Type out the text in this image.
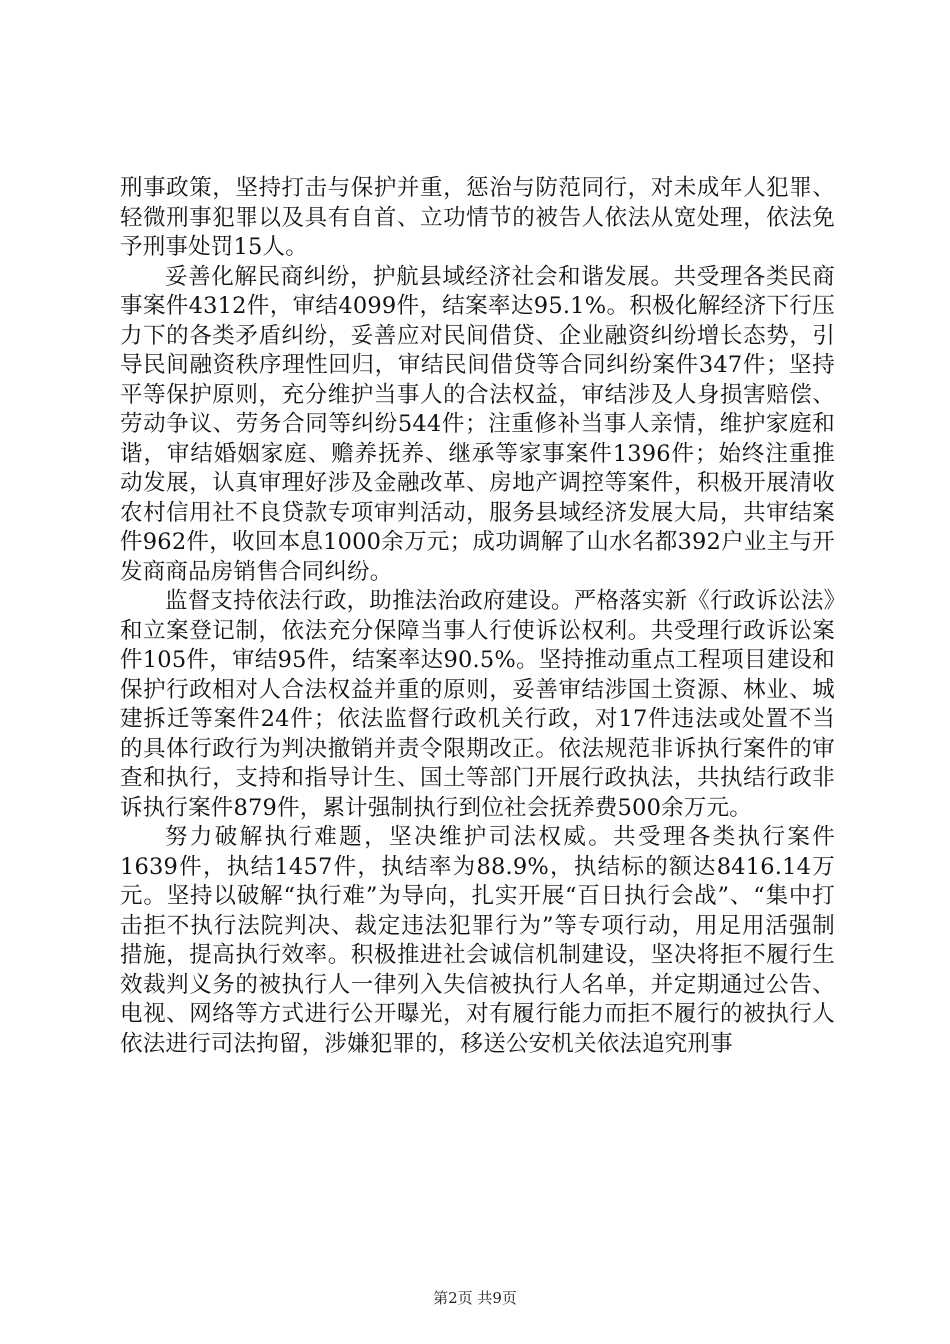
刑事政策，坚持打击与保护并重，惩治与防范同行，对未成年人犯罪、轻微刑事犯罪以及具有自首、立功情节的被告人依法从宽处理，依法免予刑事处罚15人。

妥善化解民商纠纷，护航县域经济社会和谐发展。共受理各类民商事案件4312件，审结4099件，结案率达95.1%。积极化解经济下行压力下的各类矛盾纠纷，妥善应对民间借贷、企业融资纠纷增长态势，引导民间融资秩序理性回归，审结民间借贷等合同纠纷案件347件；坚持平等保护原则，充分维护当事人的合法权益，审结涉及人身损害赔偿、劳动争议、劳务合同等纠纷544件；注重修补当事人亲情，维护家庭和谐，审结婚姻家庭、赡养抚养、继承等家事案件1396件；始终注重推动发展，认真审理好涉及金融改革、房地产调控等案件，积极开展清收农村信用社不良贷款专项审判活动，服务县域经济发展大局，共审结案件962件，收回本息1000余万元；成功调解了山水名都392户业主与开发商商品房销售合同纠纷。

监督支持依法行政，助推法治政府建设。严格落实新《行政诉讼法》和立案登记制，依法充分保障当事人行使诉讼权利。共受理行政诉讼案件105件，审结95件，结案率达90.5%。坚持推动重点工程项目建设和保护行政相对人合法权益并重的原则，妥善审结涉国土资源、林业、城建拆迁等案件24件；依法监督行政机关行政，对17件违法或处置不当的具体行政行为判决撤销并责令限期改正。依法规范非诉执行案件的审查和执行，支持和指导计生、国土等部门开展行政执法，共执结行政非诉执行案件879件，累计强制执行到位社会抚养费500余万元。

努力破解执行难题，坚决维护司法权威。共受理各类执行案件1639件，执结1457件，执结率为88.9%，执结标的额达8416.14万元。坚持以破解“执行难”为导向，扎实开展“百日执行会战”、“集中打击拒不执行法院判决、裁定违法犯罪行为”等专项行动，用足用活强制措施，提高执行效率。积极推进社会诚信机制建设，坚决将拒不履行生效裁判义务的被执行人一律列入失信被执行人名单，并定期通过公告、电视、网络等方式进行公开曝光，对有履行能力而拒不履行的被执行人依法进行司法拘留，涉嫌犯罪的，移送公安机关依法追究刑事

第2页 共9页
